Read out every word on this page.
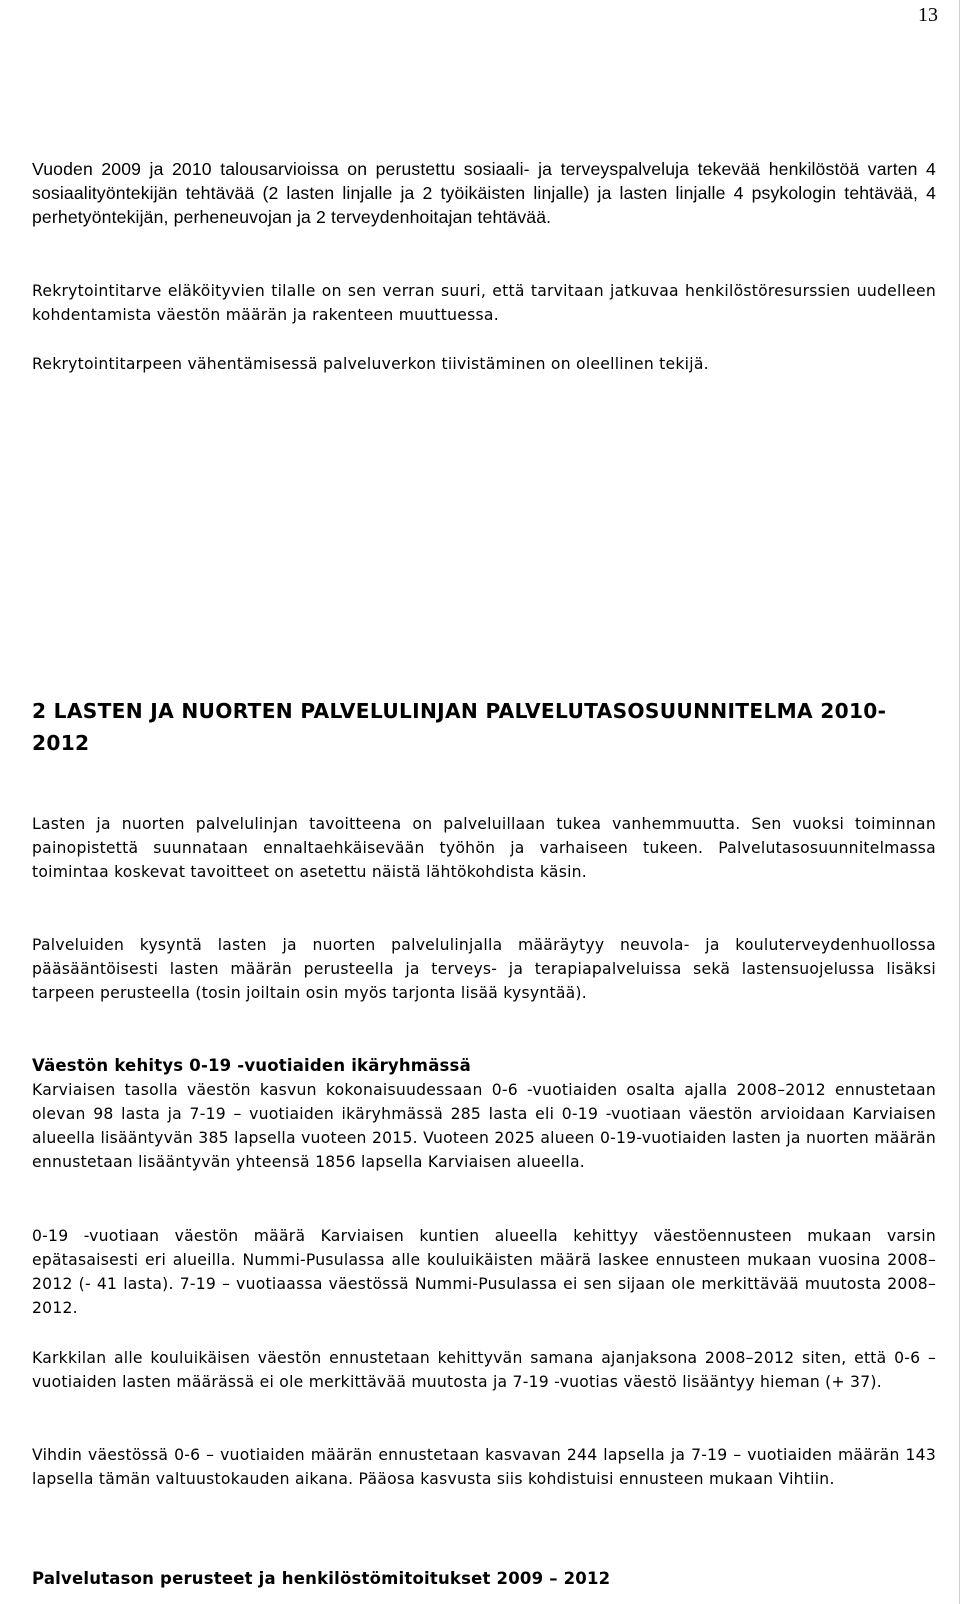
13

Vuoden 2009 ja 2010 talousarvioissa on perustettu sosiaali- ja terveyspalveluja tekevää henkilöstöä varten 4 sosiaalityöntekijän tehtävää (2 lasten linjalle ja 2 työikäisten linjalle) ja lasten linjalle 4 psykologin tehtävää, 4 perhetyöntekijän, perheneuvojan ja 2 terveydenhoitajan tehtävää.

Rekrytointitarve eläköityvien tilalle on sen verran suuri, että tarvitaan jatkuvaa henkilöstöresurssien uudelleen kohdentamista väestön määrän ja rakenteen muuttuessa.

Rekrytointitarpeen vähentämisessä palveluverkon tiivistäminen on oleellinen tekijä.

2 LASTEN JA NUORTEN PALVELULINJAN PALVELUTASOSUUNNITELMA 2010-2012

Lasten ja nuorten palvelulinjan tavoitteena on palveluillaan tukea vanhemmuutta. Sen vuoksi toiminnan painopistettä suunnataan ennaltaehkäisevään työhön ja varhaiseen tukeen. Palvelutasosuunnitelmassa toimintaa koskevat tavoitteet on asetettu näistä lähtökohdista käsin.

Palveluiden kysyntä lasten ja nuorten palvelulinjalla määräytyy neuvola- ja kouluterveydenhuollossa pääsääntöisesti lasten määrän perusteella ja terveys- ja terapiapalveluissa sekä lastensuojelussa lisäksi tarpeen perusteella (tosin joiltain osin myös tarjonta lisää kysyntää).

Väestön kehitys 0-19 -vuotiaiden ikäryhmässä

Karviaisen tasolla väestön kasvun kokonaisuudessaan 0-6 -vuotiaiden osalta ajalla 2008–2012 ennustetaan olevan 98 lasta ja 7-19 – vuotiaiden ikäryhmässä 285 lasta eli 0-19 -vuotiaan väestön arvioidaan Karviaisen alueella lisääntyvän 385 lapsella vuoteen 2015. Vuoteen 2025 alueen 0-19-vuotiaiden lasten ja nuorten määrän ennustetaan lisääntyvän yhteensä 1856 lapsella Karviaisen alueella.

0-19 -vuotiaan väestön määrä Karviaisen kuntien alueella kehittyy väestöennusteen mukaan varsin epätasaisesti eri alueilla. Nummi-Pusulassa alle kouluikäisten määrä laskee ennusteen mukaan vuosina 2008–2012 (- 41 lasta). 7-19 – vuotiaassa väestössä Nummi-Pusulassa ei sen sijaan ole merkittävää muutosta 2008–2012.

Karkkilan alle kouluikäisen väestön ennustetaan kehittyvän samana ajanjaksona 2008–2012 siten, että 0-6 – vuotiaiden lasten määrässä ei ole merkittävää muutosta ja 7-19 -vuotias väestö lisääntyy hieman (+ 37).

Vihdin väestössä 0-6 – vuotiaiden määrän ennustetaan kasvavan 244 lapsella ja 7-19 – vuotiaiden määrän 143 lapsella tämän valtuustokauden aikana. Pääosa kasvusta siis kohdistuisi ennusteen mukaan Vihtiin.

Palvelutason perusteet ja henkilöstömitoitukset 2009 – 2012
